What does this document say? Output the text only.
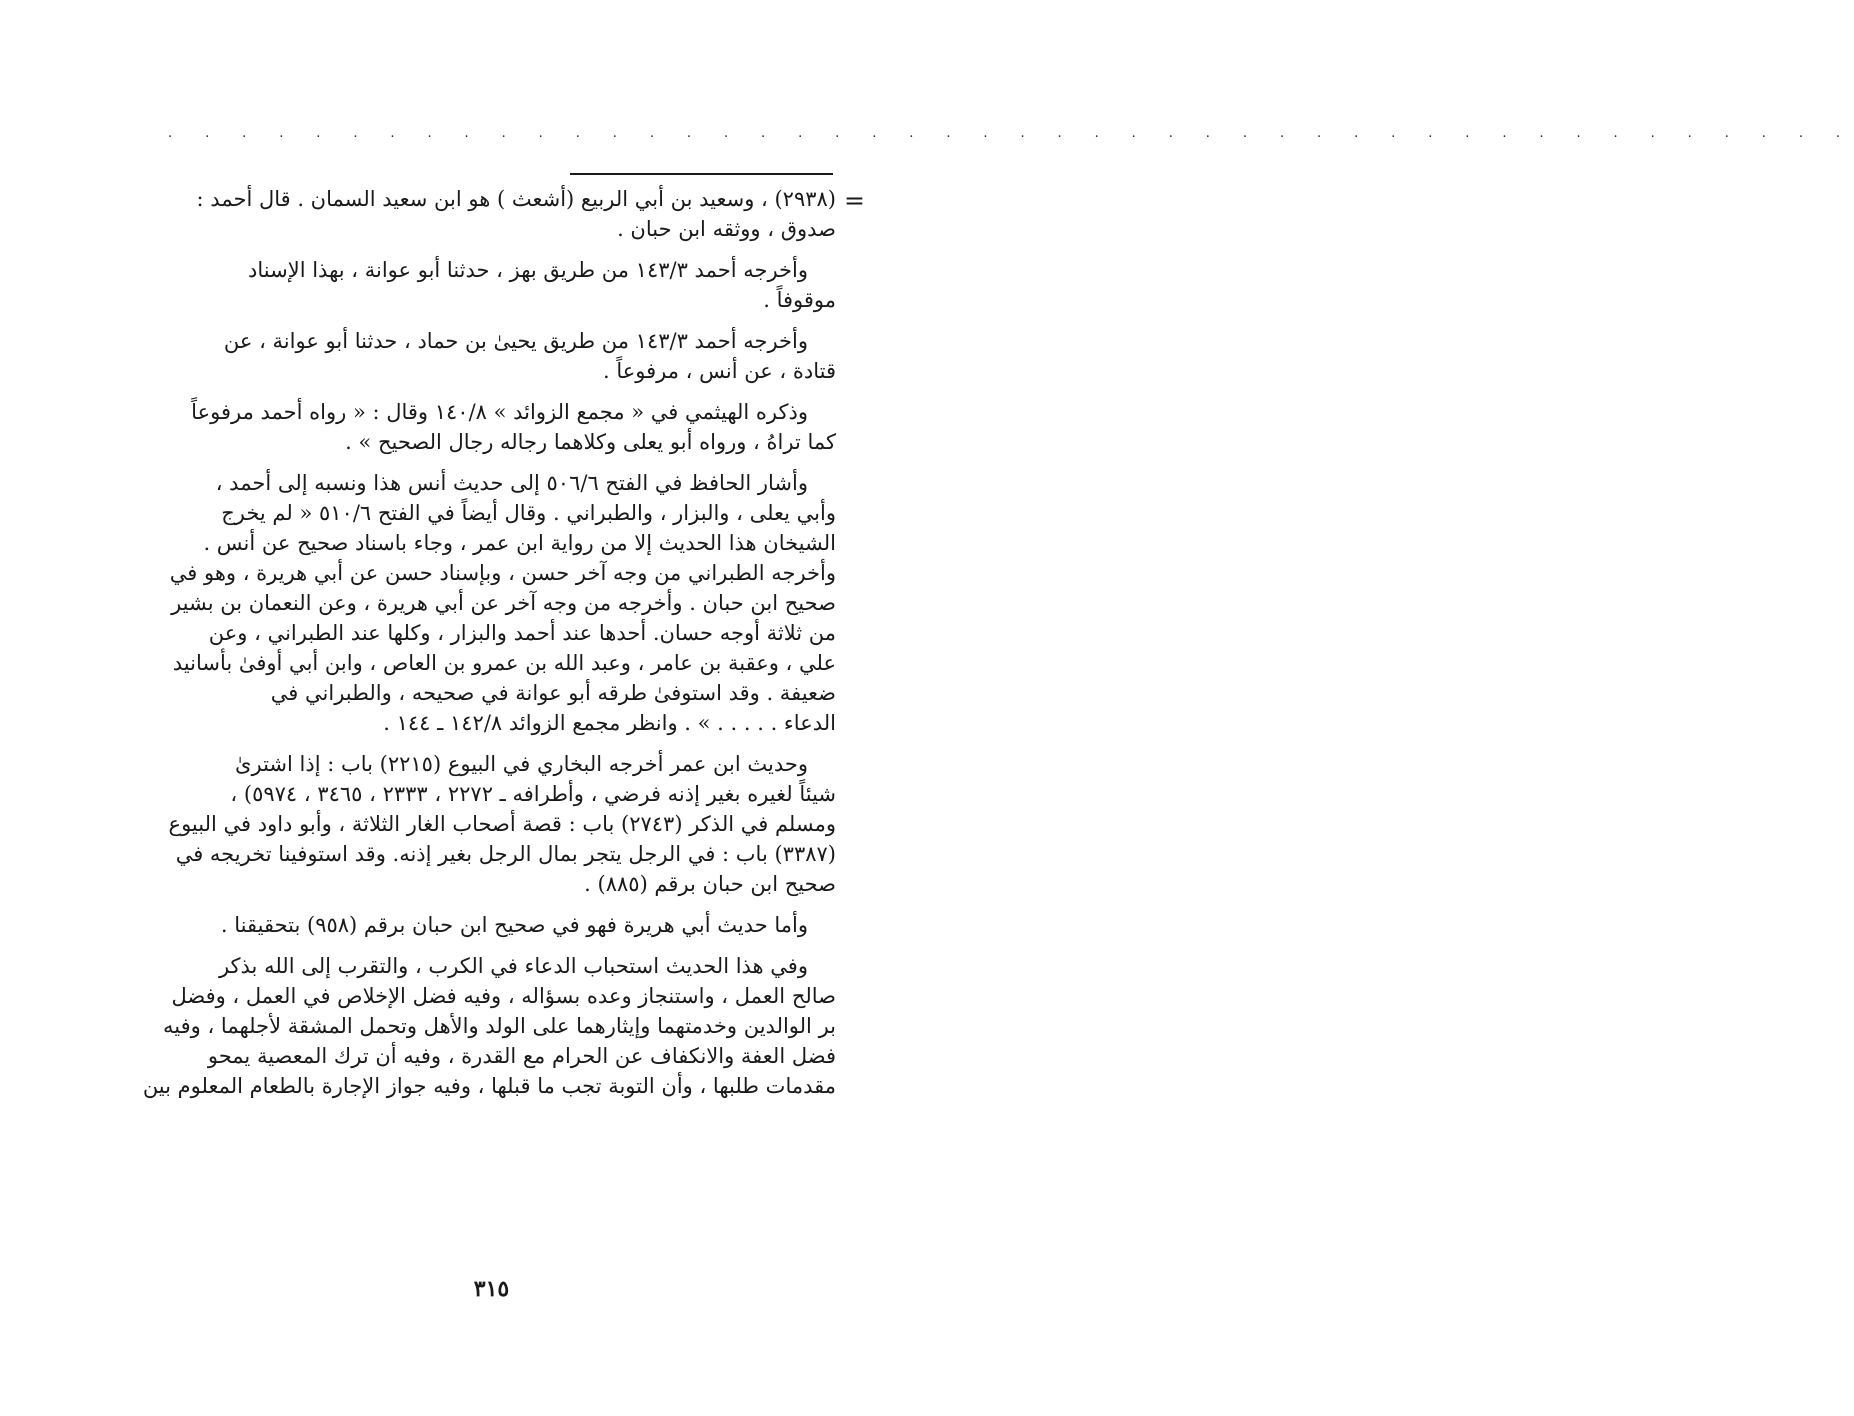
. . . . . . . . . . . . . . . . . . . . . . . . . . . . . . . . . . . . . . . . . . . . . .
=
(٢٩٣٨) ، وسعيد بن أبي الربيع (أشعث ) هو ابن سعيد السمان . قال أحمد :
صدوق ، ووثقه ابن حبان .
وأخرجه أحمد ١٤٣/٣ من طريق بهز ، حدثنا أبو عوانة ، بهذا الإسناد
موقوفاً .
وأخرجه أحمد ١٤٣/٣ من طريق يحيىٰ بن حماد ، حدثنا أبو عوانة ، عن
قتادة ، عن أنس ، مرفوعاً .
وذكره الهيثمي في « مجمع الزوائد » ١٤٠/٨ وقال : « رواه أحمد مرفوعاً
كما تراهُ ، ورواه أبو يعلى وكلاهما رجاله رجال الصحيح » .
وأشار الحافظ في الفتح ٥٠٦/٦ إلى حديث أنس هذا ونسبه إلى أحمد ،
وأبي يعلى ، والبزار ، والطبراني . وقال أيضاً في الفتح ٥١٠/٦ « لم يخرج
الشيخان هذا الحديث إلا من رواية ابن عمر ، وجاء باسناد صحيح عن أنس .
وأخرجه الطبراني من وجه آخر حسن ، وبإسناد حسن عن أبي هريرة ، وهو في
صحيح ابن حبان . وأخرجه من وجه آخر عن أبي هريرة ، وعن النعمان بن بشير
من ثلاثة أوجه حسان. أحدها عند أحمد والبزار ، وكلها عند الطبراني ، وعن
علي ، وعقبة بن عامر ، وعبد الله بن عمرو بن العاص ، وابن أبي أوفىٰ بأسانيد
ضعيفة . وقد استوفىٰ طرقه أبو عوانة في صحيحه ، والطبراني في
الدعاء . . . . . » . وانظر مجمع الزوائد ١٤٢/٨ ـ ١٤٤ .
وحديث ابن عمر أخرجه البخاري في البيوع (٢٢١٥) باب : إذا اشترىٰ
شيئاً لغيره بغير إذنه فرضي ، وأطرافه ـ ٢٢٧٢ ، ٢٣٣٣ ، ٣٤٦٥ ، ٥٩٧٤) ،
ومسلم في الذكر (٢٧٤٣) باب : قصة أصحاب الغار الثلاثة ، وأبو داود في البيوع
(٣٣٨٧) باب : في الرجل يتجر بمال الرجل بغير إذنه. وقد استوفينا تخريجه في
صحيح ابن حبان برقم (٨٨٥) .
وأما حديث أبي هريرة فهو في صحيح ابن حبان برقم (٩٥٨) بتحقيقنا .
وفي هذا الحديث استحباب الدعاء في الكرب ، والتقرب إلى الله بذكر
صالح العمل ، واستنجاز وعده بسؤاله ، وفيه فضل الإخلاص في العمل ، وفضل
بر الوالدين وخدمتهما وإيثارهما على الولد والأهل وتحمل المشقة لأجلهما ، وفيه
فضل العفة والانكفاف عن الحرام مع القدرة ، وفيه أن ترك المعصية يمحو
مقدمات طلبها ، وأن التوبة تجب ما قبلها ، وفيه جواز الإجارة بالطعام المعلوم بين
٣١٥
